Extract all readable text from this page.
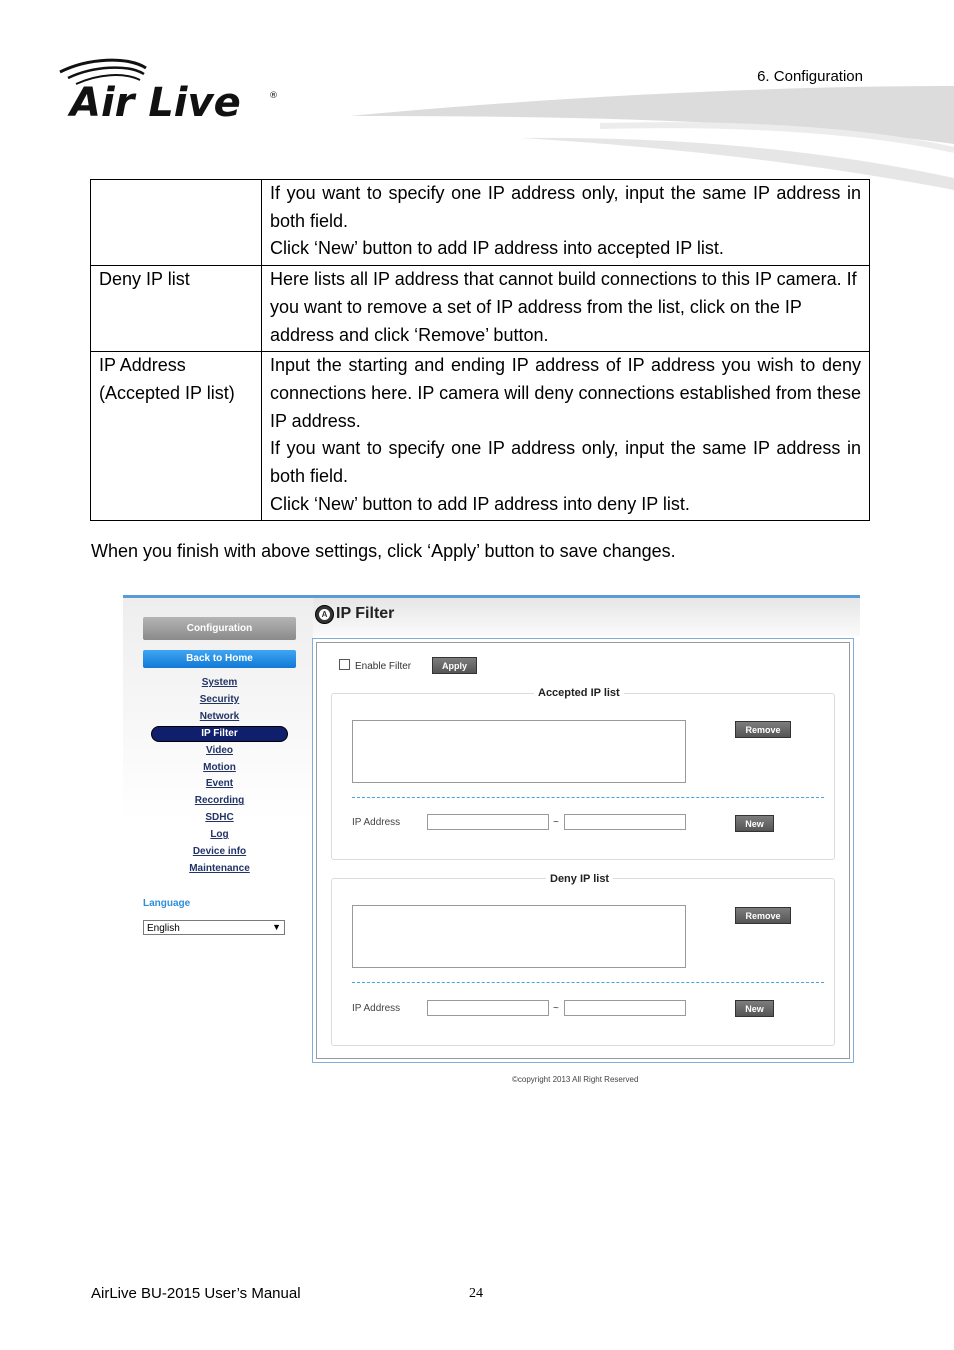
Air Live	®
6. Configuration

	If you want to specify one IP address only, input the same IP address in both field.
Click ‘New’ button to add IP address into accepted IP list.

Deny IP list	Here lists all IP address that cannot build connections to this IP camera. If you want to remove a set of IP address from the list, click on the IP address and click ‘Remove’ button.

IP Address
(Accepted IP list)	Input the starting and ending IP address of IP address you wish to deny connections here. IP camera will deny connections established from these IP address.
If you want to specify one IP address only, input the same IP address in both field.
Click ‘New’ button to add IP address into deny IP list.
When you finish with above settings, click ‘Apply’ button to save changes.
Configuration
Back to Home
System
Security
Network
IP Filter
Video
Motion
Event
Recording
SDHC
Log
Device info
Maintenance
Language
English	▼
A IP Filter
Enable Filter	Apply
Accepted IP list
Remove
IP Address	~	New
Deny IP list
Remove
IP Address	~	New
©copyright 2013 All Right Reserved
AirLive BU-2015 User’s Manual	24
